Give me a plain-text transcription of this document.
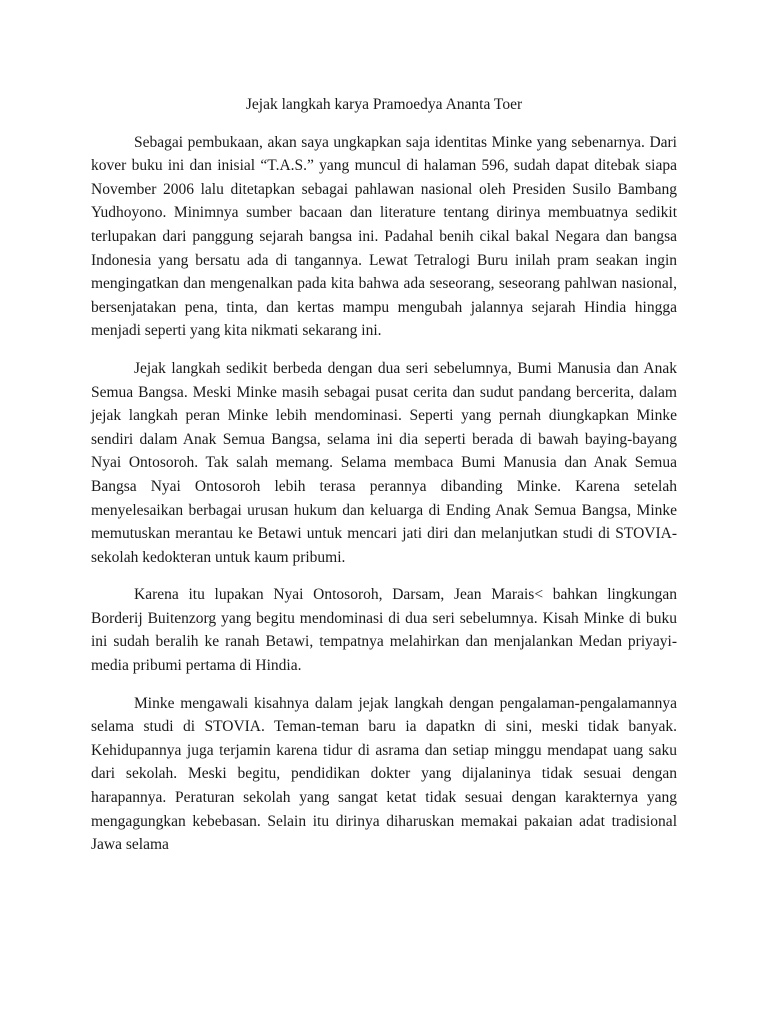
Jejak langkah karya Pramoedya Ananta Toer

Sebagai pembukaan, akan saya ungkapkan saja identitas Minke yang sebenarnya. Dari kover buku ini dan inisial “T.A.S.” yang muncul di halaman 596, sudah dapat ditebak siapa November 2006 lalu ditetapkan sebagai pahlawan nasional oleh Presiden Susilo Bambang Yudhoyono. Minimnya sumber bacaan dan literature tentang dirinya membuatnya sedikit terlupakan dari panggung sejarah bangsa ini. Padahal benih cikal bakal Negara dan bangsa Indonesia yang bersatu ada di tangannya. Lewat Tetralogi Buru inilah pram seakan ingin mengingatkan dan mengenalkan pada kita bahwa ada seseorang, seseorang pahlwan nasional, bersenjatakan pena, tinta, dan kertas mampu mengubah jalannya sejarah Hindia hingga menjadi seperti yang kita nikmati sekarang ini.

Jejak langkah sedikit berbeda dengan dua seri sebelumnya, Bumi Manusia dan Anak Semua Bangsa. Meski Minke masih sebagai pusat cerita dan sudut pandang bercerita, dalam jejak langkah peran Minke lebih mendominasi. Seperti yang pernah diungkapkan Minke sendiri dalam Anak Semua Bangsa, selama ini dia seperti berada di bawah baying-bayang Nyai Ontosoroh. Tak salah memang. Selama membaca Bumi Manusia dan Anak Semua Bangsa Nyai Ontosoroh lebih terasa perannya dibanding Minke. Karena setelah menyelesaikan berbagai urusan hukum dan keluarga di Ending Anak Semua Bangsa, Minke memutuskan merantau ke Betawi untuk mencari jati diri dan melanjutkan studi di STOVIA- sekolah kedokteran untuk kaum pribumi.

Karena itu lupakan Nyai Ontosoroh, Darsam, Jean Marais< bahkan lingkungan Borderij Buitenzorg yang begitu mendominasi di dua seri sebelumnya. Kisah Minke di buku ini sudah beralih ke ranah Betawi, tempatnya melahirkan dan menjalankan Medan priyayi-media pribumi pertama di Hindia.

Minke mengawali kisahnya dalam jejak langkah dengan pengalaman-pengalamannya selama studi di STOVIA. Teman-teman baru ia dapatkn di sini, meski tidak banyak. Kehidupannya juga terjamin karena tidur di asrama dan setiap minggu mendapat uang saku dari sekolah. Meski begitu, pendidikan dokter yang dijalaninya tidak sesuai dengan harapannya. Peraturan sekolah yang sangat ketat tidak sesuai dengan karakternya yang mengagungkan kebebasan. Selain itu dirinya diharuskan memakai pakaian adat tradisional Jawa selama
